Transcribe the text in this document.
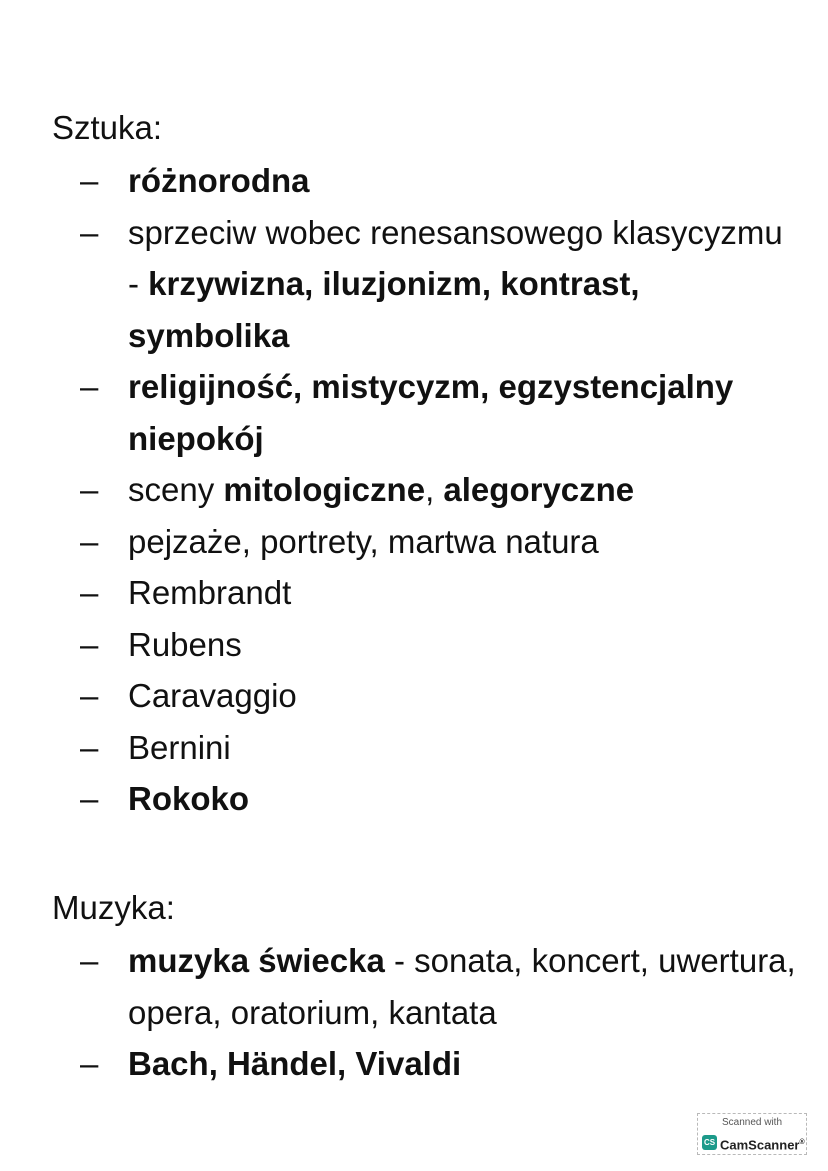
Sztuka:
– różnorodna
– sprzeciw wobec renesansowego klasycyzmu - krzywizna, iluzjonizm, kontrast, symbolika
– religijność, mistycyzm, egzystencjalny niepokój
– sceny mitologiczne, alegoryczne
– pejzaże, portrety, martwa natura
– Rembrandt
– Rubens
– Caravaggio
– Bernini
– Rokoko
Muzyka:
– muzyka świecka - sonata, koncert, uwertura, opera, oratorium, kantata
– Bach, Händel, Vivaldi
Scanned with
CS CamScanner®
